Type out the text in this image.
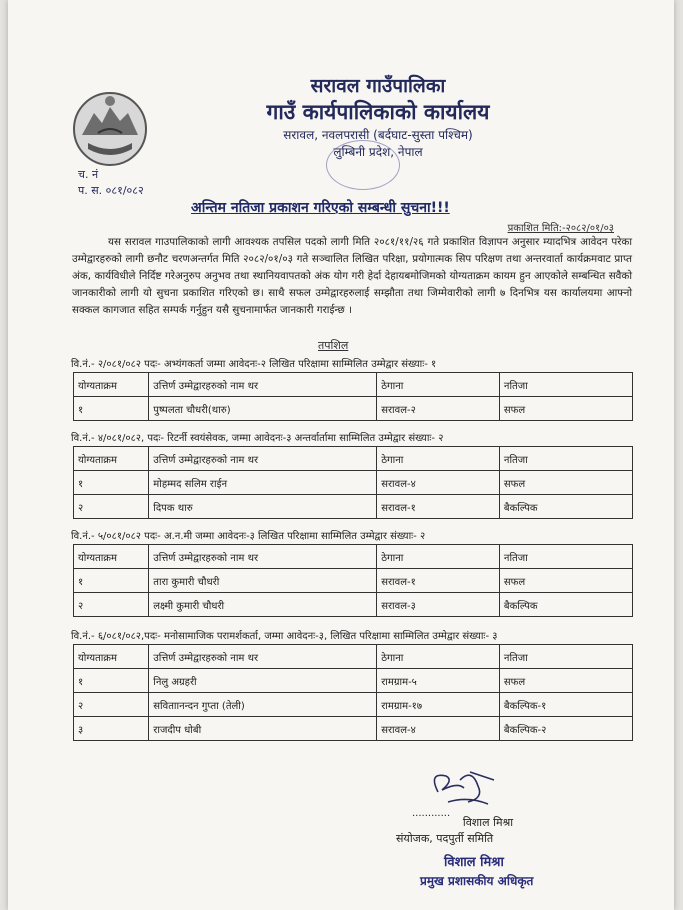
सरावल गाउँपालिका
गाउँ कार्यपालिकाको कार्यालय
सरावल, नवलपरासी (बर्दघाट-सुस्ता पश्चिम)
लुम्बिनी प्रदेश, नेपाल
च. नं
प. स. ०८१/०८२
अन्तिम नतिजा प्रकाशन गरिएको सम्बन्धी सुचना!!!
प्रकाशित मिति:-२०८२/०१/०३
यस सरावल गाउपालिकाको लागी आवश्यक तपसिल पदको लागी मिति २०८१/११/२६ गते प्रकाशित विज्ञापन अनुसार म्यादभित्र आवेदन परेका उम्मेद्वारहरुको लागी छनौट चरणअन्तर्गत मिति २०८२/०१/०३ गते सञ्चालित लिखित परिक्षा, प्रयोगात्मक सिप परिक्षण तथा अन्तरवार्ता कार्यक्रमवाट प्राप्त अंक, कार्यविधीले निर्दिष्ट गरेअनुरुप अनुभव तथा स्थानियवापतको अंक योग गरी हेर्दा देहायबमोजिमको योग्यताक्रम कायम हुन आएकोले सम्बन्धित सवैको जानकारीको लागी यो सुचना प्रकाशित गरिएको छ। साथै सफल उम्मेद्वारहरुलाई सम्झौता तथा जिम्मेवारीको लागी ७ दिनभित्र यस कार्यालयमा आफ्नो सक्कल कागजात सहित सम्पर्क गर्नुहुन यसै सुचनामार्फत जानकारी गराईन्छ ।
तपशिल
वि.नं.- २/०८१/०८२ पदः- अभ्यंगकर्ता जम्मा आवेदनः-२ लिखित परिक्षामा साम्मिलित उम्मेद्वार संख्याः- १
योग्यताक्रम	उत्तिर्ण उम्मेद्वारहरुको नाम थर	ठेगाना	नतिजा
१	पुष्पलता चौधरी(थारु)	सरावल-२	सफल
वि.नं.- ४/०८१/०८२, पदः- रिटर्नी स्वयंसेवक, जम्मा आवेदनः-३ अन्तर्वार्तामा साम्मिलित उम्मेद्वार संख्याः- २
योग्यताक्रम	उत्तिर्ण उम्मेद्वारहरुको नाम थर	ठेगाना	नतिजा
१	मोहम्मद सलिम राईन	सरावल-४	सफल
२	दिपक थारु	सरावल-१	बैकल्पिक
वि.नं.- ५/०८१/०८२ पदः- अ.न.मी जम्मा आवेदनः-३ लिखित परिक्षामा साम्मिलित उम्मेद्वार संख्याः- २
योग्यताक्रम	उत्तिर्ण उम्मेद्वारहरुको नाम थर	ठेगाना	नतिजा
१	तारा कुमारी चौधरी	सरावल-१	सफल
२	लक्ष्मी कुमारी चौधरी	सरावल-३	बैकल्पिक
वि.नं.- ६/०८१/०८२,पदः- मनोसामाजिक परामर्शकर्ता, जम्मा आवेदनः-३, लिखित परिक्षामा साम्मिलित उम्मेद्वार संख्याः- ३
योग्यताक्रम	उत्तिर्ण उम्मेद्वारहरुको नाम थर	ठेगाना	नतिजा
१	निलु अग्रहरी	रामग्राम-५	सफल
२	सविताानन्दन गुप्ता (तेली)	रामग्राम-१७	बैकल्पिक-१
३	राजदीप धोबी	सरावल-४	बैकल्पिक-२
............
विशाल मिश्रा
संयोजक, पदपुर्ती समिति
विशाल मिश्रा
प्रमुख प्रशासकीय अधिकृत
